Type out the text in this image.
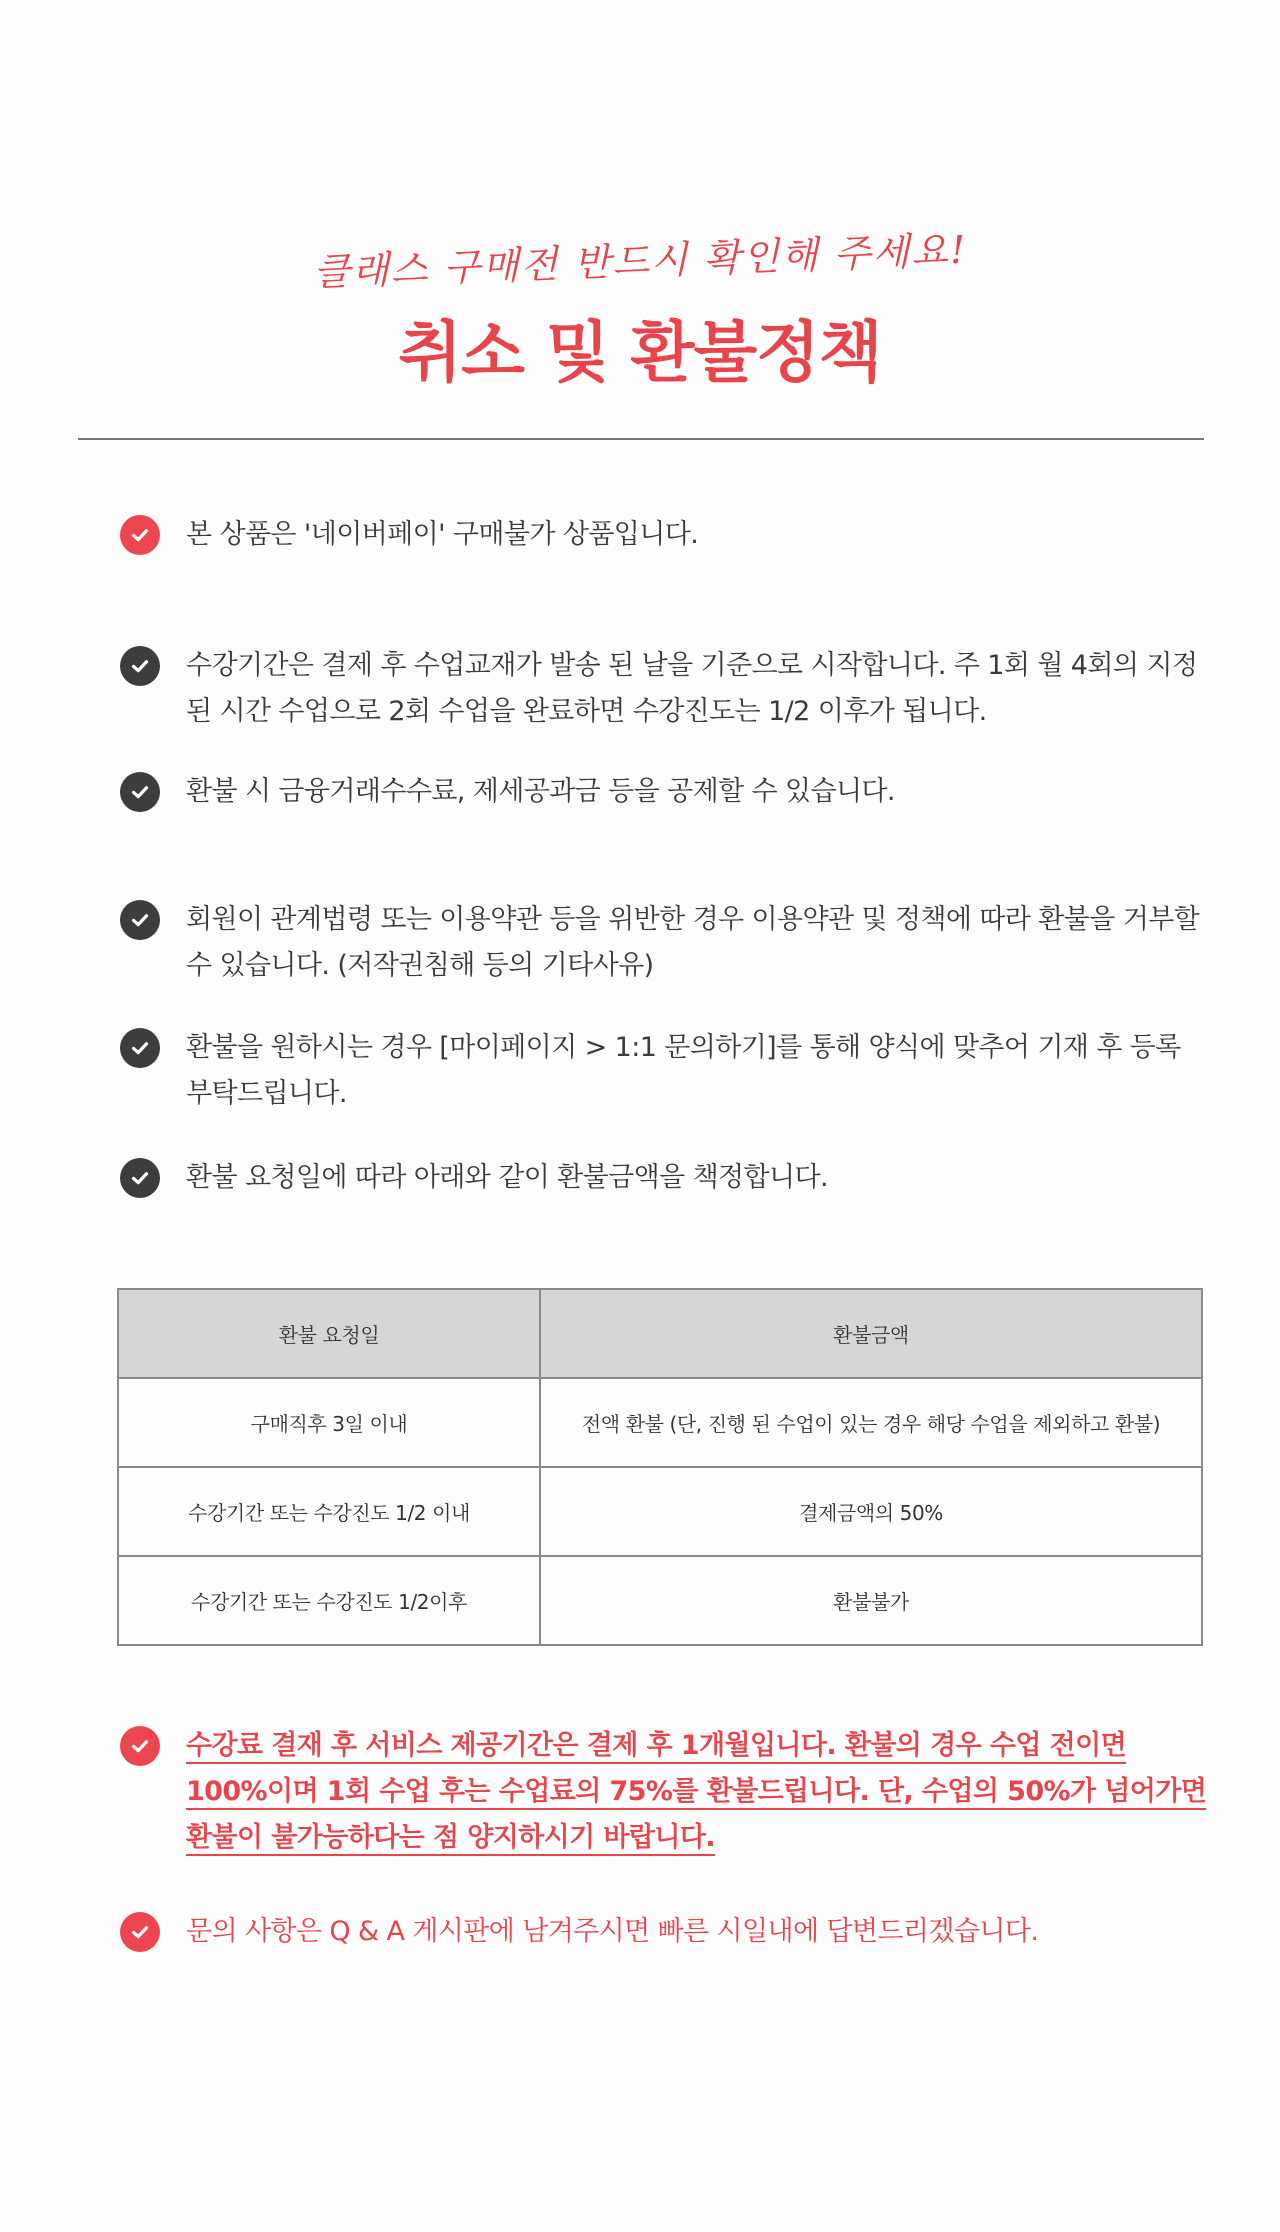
클래스 구매전 반드시 확인해 주세요!
취소 및 환불정책
본 상품은 '네이버페이' 구매불가 상품입니다.
수강기간은 결제 후 수업교재가 발송 된 날을 기준으로 시작합니다. 주 1회 월 4회의 지정 된 시간 수업으로 2회 수업을 완료하면 수강진도는 1/2 이후가 됩니다.
환불 시 금융거래수수료, 제세공과금 등을 공제할 수 있습니다.
회원이 관계법령 또는 이용약관 등을 위반한 경우 이용약관 및 정책에 따라 환불을 거부할 수 있습니다. (저작권침해 등의 기타사유)
환불을 원하시는 경우 [마이페이지 > 1:1 문의하기]를 통해 양식에 맞추어 기재 후 등록 부탁드립니다.
환불 요청일에 따라 아래와 같이 환불금액을 책정합니다.
환불 요청일	환불금액
구매직후 3일 이내	전액 환불 (단, 진행 된 수업이 있는 경우 해당 수업을 제외하고 환불)
수강기간 또는 수강진도 1/2 이내	결제금액의 50%
수강기간 또는 수강진도 1/2이후	환불불가
수강료 결재 후 서비스 제공기간은 결제 후 1개월입니다. 환불의 경우 수업 전이면 100%이며 1회 수업 후는 수업료의 75%를 환불드립니다. 단, 수업의 50%가 넘어가면 환불이 불가능하다는 점 양지하시기 바랍니다.
문의 사항은 Q & A 게시판에 남겨주시면 빠른 시일내에 답변드리겠습니다.
